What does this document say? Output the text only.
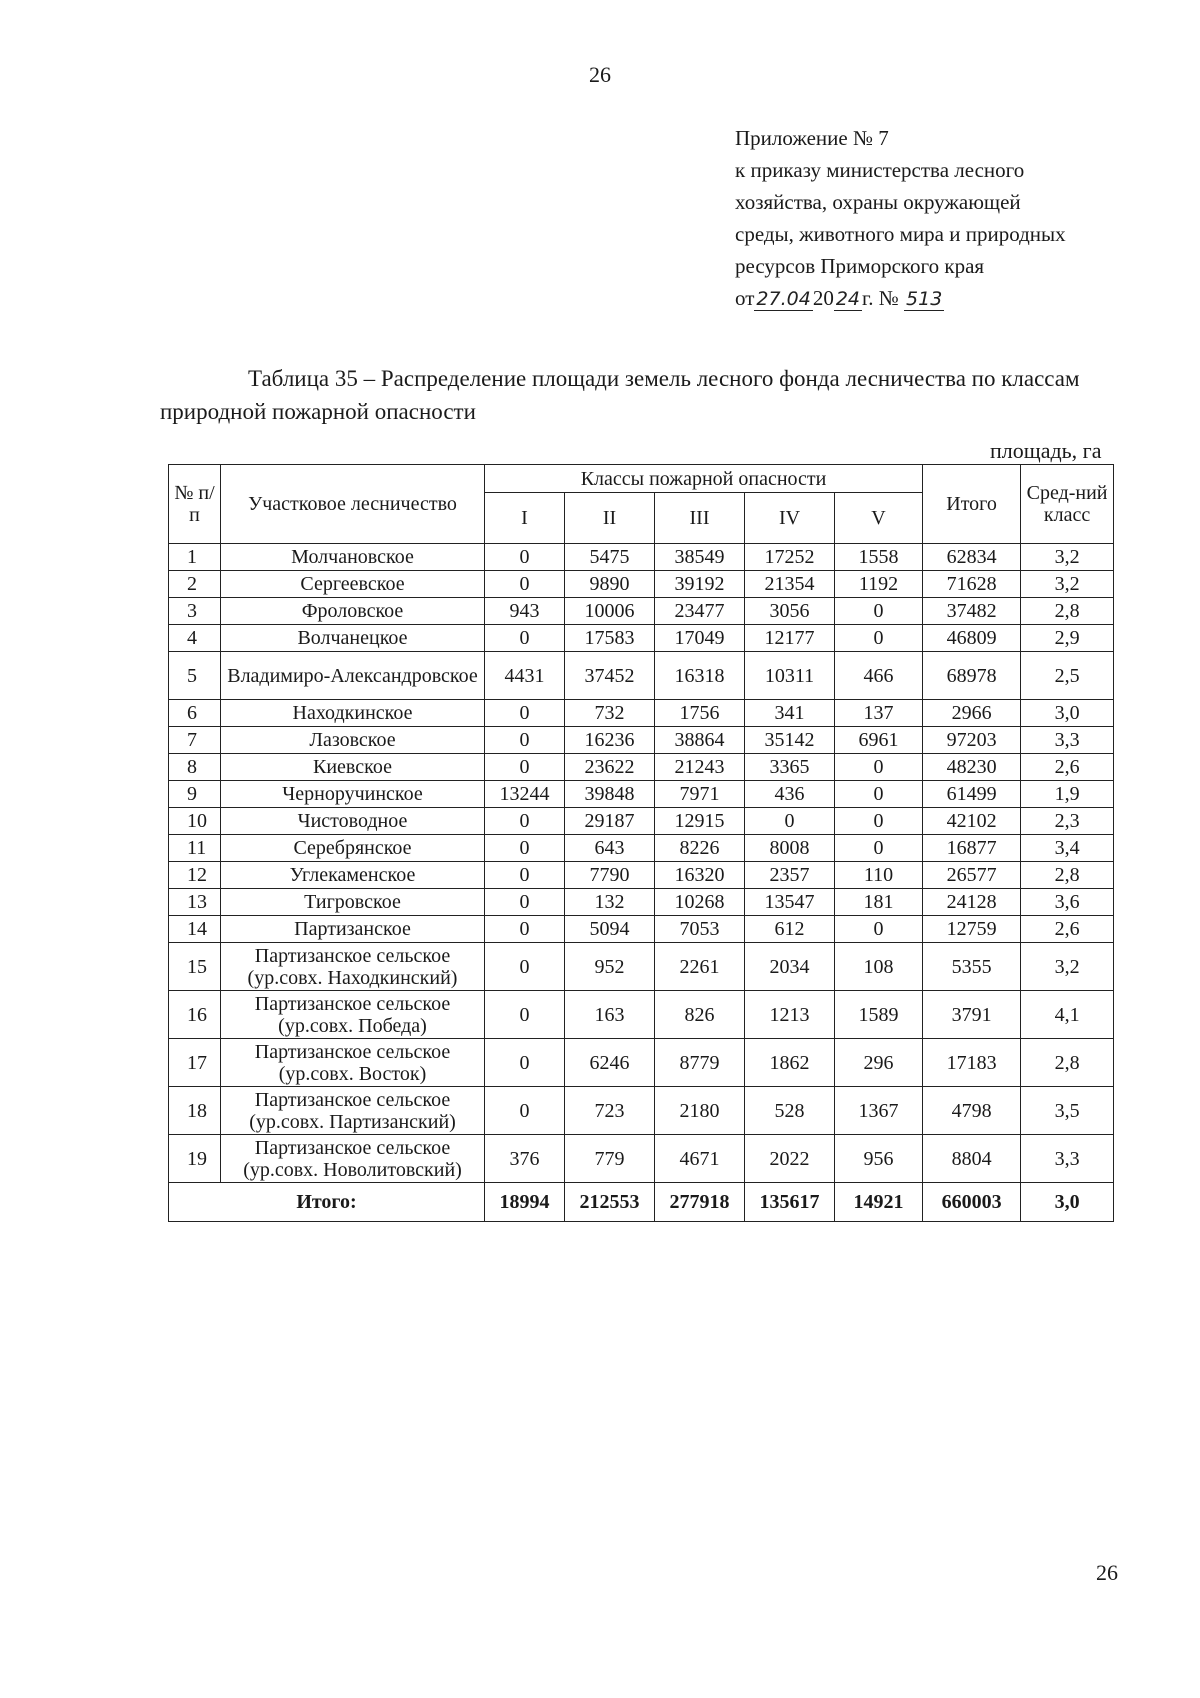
26
Приложение № 7
к приказу министерства лесного
хозяйства, охраны окружающей
среды, животного мира и природных
ресурсов Приморского края
от 27.0420 24г. № 513
Таблица 35 – Распределение площади земель лесного фонда лесничества по классам природной пожарной опасности
площадь, га
№ п/п	Участковое лесничество	Классы пожарной опасности					Итого	Сред-ний класс
		I	II	III	IV	V		
1	Молчановское	0	5475	38549	17252	1558	62834	3,2
2	Сергеевское	0	9890	39192	21354	1192	71628	3,2
3	Фроловское	943	10006	23477	3056	0	37482	2,8
4	Волчанецкое	0	17583	17049	12177	0	46809	2,9
5	Владимиро-Александровское	4431	37452	16318	10311	466	68978	2,5
6	Находкинское	0	732	1756	341	137	2966	3,0
7	Лазовское	0	16236	38864	35142	6961	97203	3,3
8	Киевское	0	23622	21243	3365	0	48230	2,6
9	Черноручинское	13244	39848	7971	436	0	61499	1,9
10	Чистоводное	0	29187	12915	0	0	42102	2,3
11	Серебрянское	0	643	8226	8008	0	16877	3,4
12	Углекаменское	0	7790	16320	2357	110	26577	2,8
13	Тигровское	0	132	10268	13547	181	24128	3,6
14	Партизанское	0	5094	7053	612	0	12759	2,6
15	Партизанское сельское (ур.совх. Находкинский)	0	952	2261	2034	108	5355	3,2
16	Партизанское сельское (ур.совх. Победа)	0	163	826	1213	1589	3791	4,1
17	Партизанское сельское (ур.совх. Восток)	0	6246	8779	1862	296	17183	2,8
18	Партизанское сельское (ур.совх. Партизанский)	0	723	2180	528	1367	4798	3,5
19	Партизанское сельское (ур.совх. Новолитовский)	376	779	4671	2022	956	8804	3,3
Итого:		18994	212553	277918	135617	14921	660003	3,0
26
